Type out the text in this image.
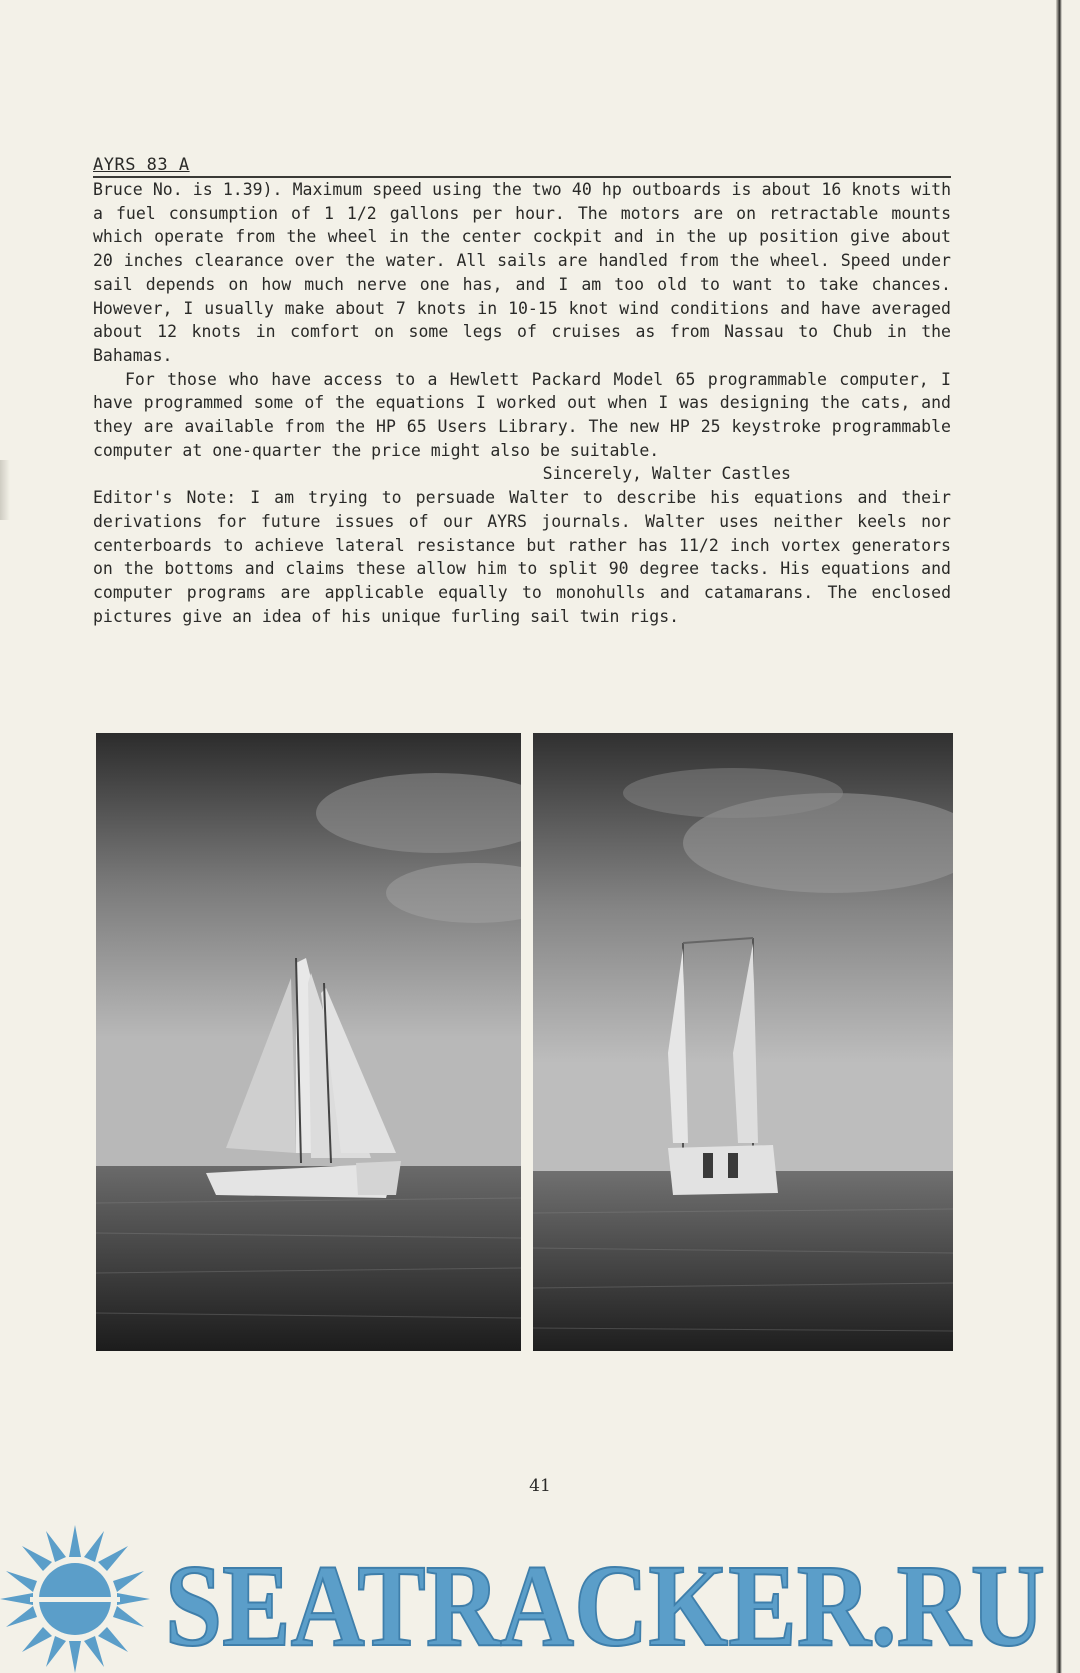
AYRS 83 A

Bruce No. is 1.39). Maximum speed using the two 40 hp outboards is about 16 knots with a fuel consumption of 1 1/2 gallons per hour. The motors are on retractable mounts which operate from the wheel in the center cockpit and in the up position give about 20 inches clearance over the water. All sails are handled from the wheel. Speed under sail depends on how much nerve one has, and I am too old to want to take chances. However, I usually make about 7 knots in 10-15 knot wind conditions and have averaged about 12 knots in comfort on some legs of cruises as from Nassau to Chub in the Bahamas.

For those who have access to a Hewlett Packard Model 65 programmable computer, I have programmed some of the equations I worked out when I was designing the cats, and they are available from the HP 65 Users Library. The new HP 25 keystroke programmable computer at one-quarter the price might also be suitable.

Sincerely, Walter Castles

Editor's Note: I am trying to persuade Walter to describe his equations and their derivations for future issues of our AYRS journals. Walter uses neither keels nor centerboards to achieve lateral resistance but rather has 11/2 inch vortex generators on the bottoms and claims these allow him to split 90 degree tacks. His equations and computer programs are applicable equally to monohulls and catamarans. The enclosed pictures give an idea of his unique furling sail twin rigs.

41
SEATRACKER.RU
